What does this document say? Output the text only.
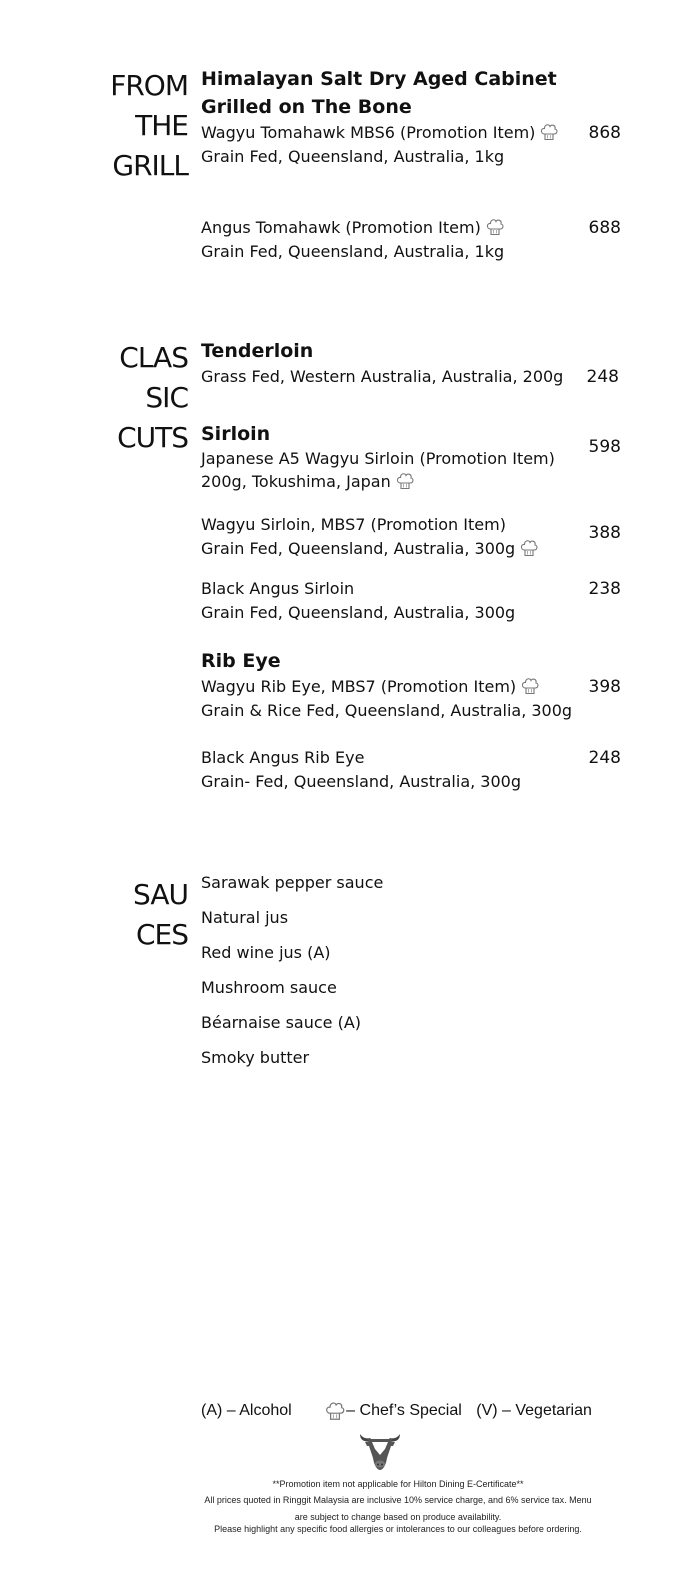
FROM
THE
GRILL
Himalayan Salt Dry Aged Cabinet
Grilled on The Bone
Wagyu Tomahawk MBS6 (Promotion Item)
Grain Fed, Queensland, Australia, 1kg
868
Angus Tomahawk (Promotion Item)
Grain Fed, Queensland, Australia, 1kg
688
CLAS
SIC
CUTS
Tenderloin
Grass Fed, Western Australia, Australia, 200g 248
Sirloin
Japanese A5 Wagyu Sirloin (Promotion Item)
200g, Tokushima, Japan
598
Wagyu Sirloin, MBS7 (Promotion Item)
Grain Fed, Queensland, Australia, 300g
388
Black Angus Sirloin
Grain Fed, Queensland, Australia, 300g
238
Rib Eye
Wagyu Rib Eye, MBS7 (Promotion Item)
Grain & Rice Fed, Queensland, Australia, 300g
398
Black Angus Rib Eye
Grain- Fed, Queensland, Australia, 300g
248
SAU
CES
Sarawak pepper sauce
Natural jus
Red wine jus (A)
Mushroom sauce
Béarnaise sauce (A)
Smoky butter
(A) – Alcohol	– Chef’s Special (V) – Vegetarian
**Promotion item not applicable for Hilton Dining E-Certificate**
All prices quoted in Ringgit Malaysia are inclusive 10% service charge, and 6% service tax. Menu
are subject to change based on produce availability.
Please highlight any specific food allergies or intolerances to our colleagues before ordering.
